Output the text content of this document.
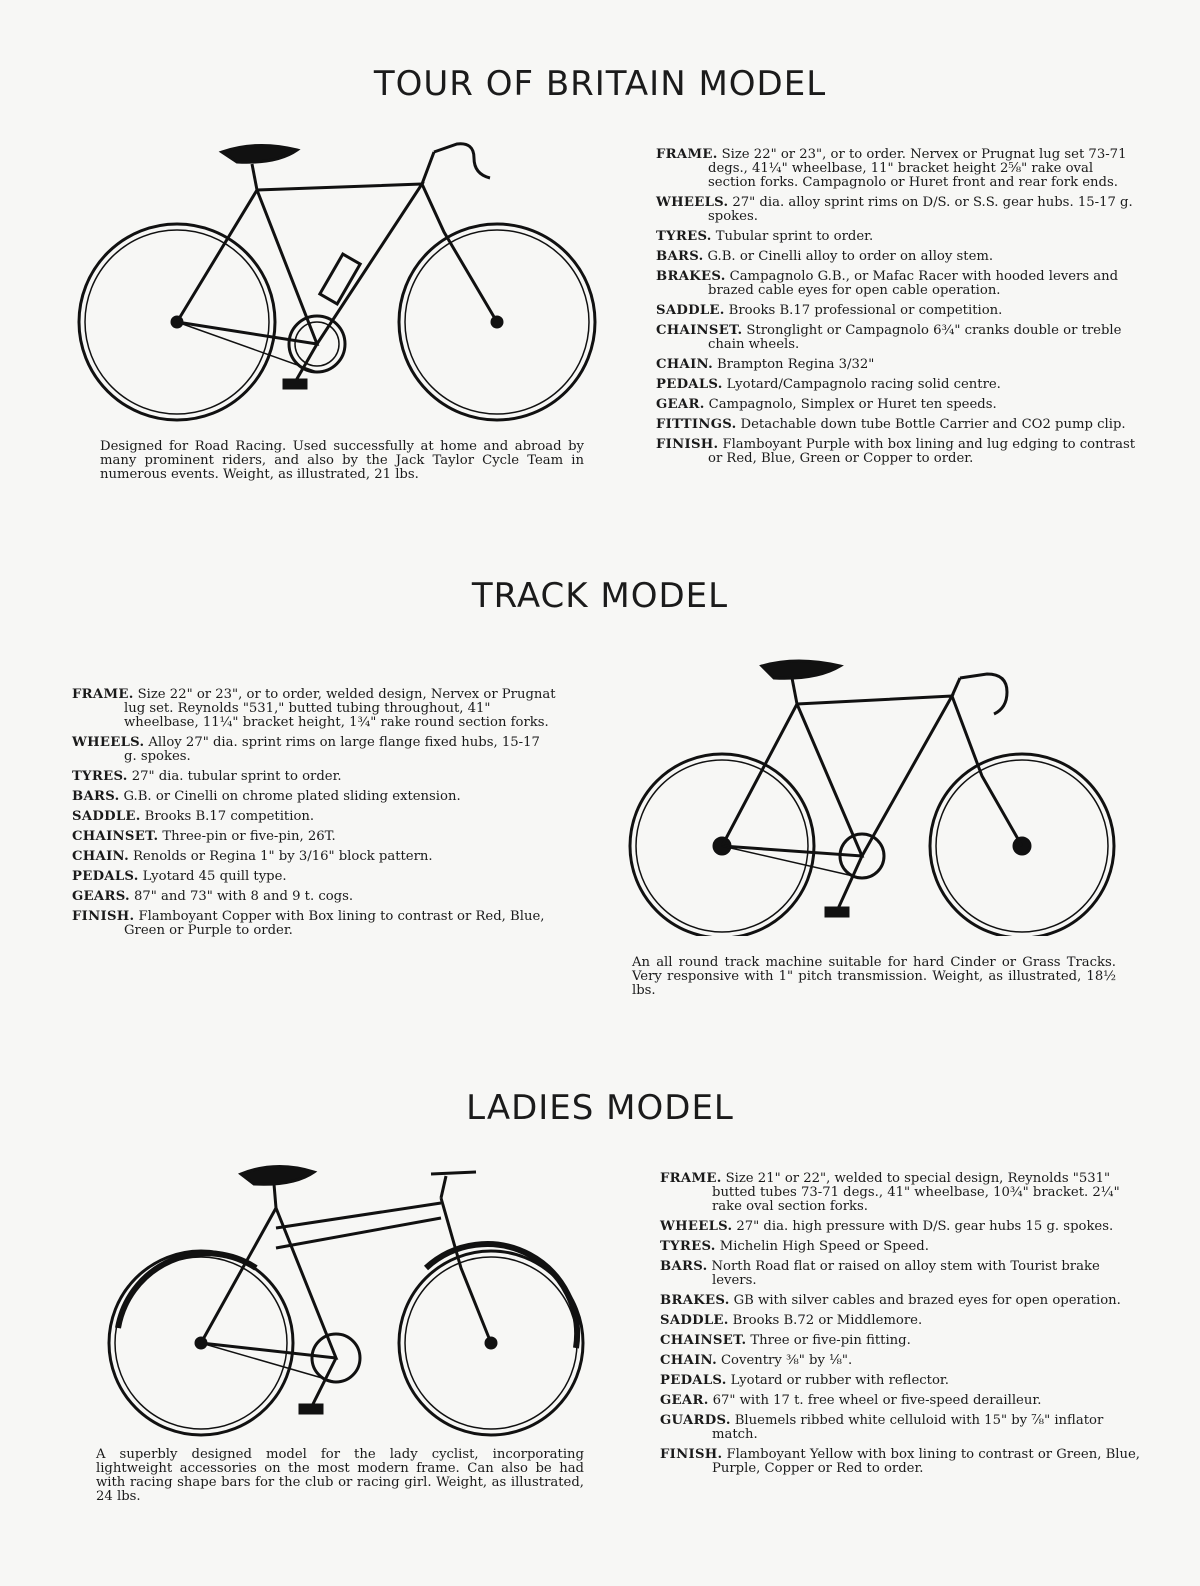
TOUR OF BRITAIN MODEL
Designed for Road Racing. Used successfully at home and abroad by many prominent riders, and also by the Jack Taylor Cycle Team in numerous events. Weight, as illustrated, 21 lbs.
FRAME. Size 22" or 23", or to order. Nervex or Prugnat lug set 73-71 degs., 41¼" wheelbase, 11" bracket height 2⅝" rake oval section forks. Campagnolo or Huret front and rear fork ends.
WHEELS. 27" dia. alloy sprint rims on D/S. or S.S. gear hubs. 15-17 g. spokes.
TYRES. Tubular sprint to order.
BARS. G.B. or Cinelli alloy to order on alloy stem.
BRAKES. Campagnolo G.B., or Mafac Racer with hooded levers and brazed cable eyes for open cable operation.
SADDLE. Brooks B.17 professional or competition.
CHAINSET. Stronglight or Campagnolo 6¾" cranks double or treble chain wheels.
CHAIN. Brampton Regina 3/32"
PEDALS. Lyotard/Campagnolo racing solid centre.
GEAR. Campagnolo, Simplex or Huret ten speeds.
FITTINGS. Detachable down tube Bottle Carrier and CO2 pump clip.
FINISH. Flamboyant Purple with box lining and lug edging to contrast or Red, Blue, Green or Copper to order.
TRACK MODEL
FRAME. Size 22" or 23", or to order, welded design, Nervex or Prugnat lug set. Reynolds "531," butted tubing throughout, 41" wheelbase, 11¼" bracket height, 1¾" rake round section forks.
WHEELS. Alloy 27" dia. sprint rims on large flange fixed hubs, 15-17 g. spokes.
TYRES. 27" dia. tubular sprint to order.
BARS. G.B. or Cinelli on chrome plated sliding extension.
SADDLE. Brooks B.17 competition.
CHAINSET. Three-pin or five-pin, 26T.
CHAIN. Renolds or Regina 1" by 3/16" block pattern.
PEDALS. Lyotard 45 quill type.
GEARS. 87" and 73" with 8 and 9 t. cogs.
FINISH. Flamboyant Copper with Box lining to contrast or Red, Blue, Green or Purple to order.
An all round track machine suitable for hard Cinder or Grass Tracks. Very responsive with 1" pitch transmission. Weight, as illustrated, 18½ lbs.
LADIES MODEL
A superbly designed model for the lady cyclist, incorporating lightweight accessories on the most modern frame. Can also be had with racing shape bars for the club or racing girl. Weight, as illustrated, 24 lbs.
FRAME. Size 21" or 22", welded to special design, Reynolds "531" butted tubes 73-71 degs., 41" wheelbase, 10¾" bracket. 2¼" rake oval section forks.
WHEELS. 27" dia. high pressure with D/S. gear hubs 15 g. spokes.
TYRES. Michelin High Speed or Speed.
BARS. North Road flat or raised on alloy stem with Tourist brake levers.
BRAKES. GB with silver cables and brazed eyes for open operation.
SADDLE. Brooks B.72 or Middlemore.
CHAINSET. Three or five-pin fitting.
CHAIN. Coventry ⅜" by ⅛".
PEDALS. Lyotard or rubber with reflector.
GEAR. 67" with 17 t. free wheel or five-speed derailleur.
GUARDS. Bluemels ribbed white celluloid with 15" by ⅞" inflator match.
FINISH. Flamboyant Yellow with box lining to contrast or Green, Blue, Purple, Copper or Red to order.
